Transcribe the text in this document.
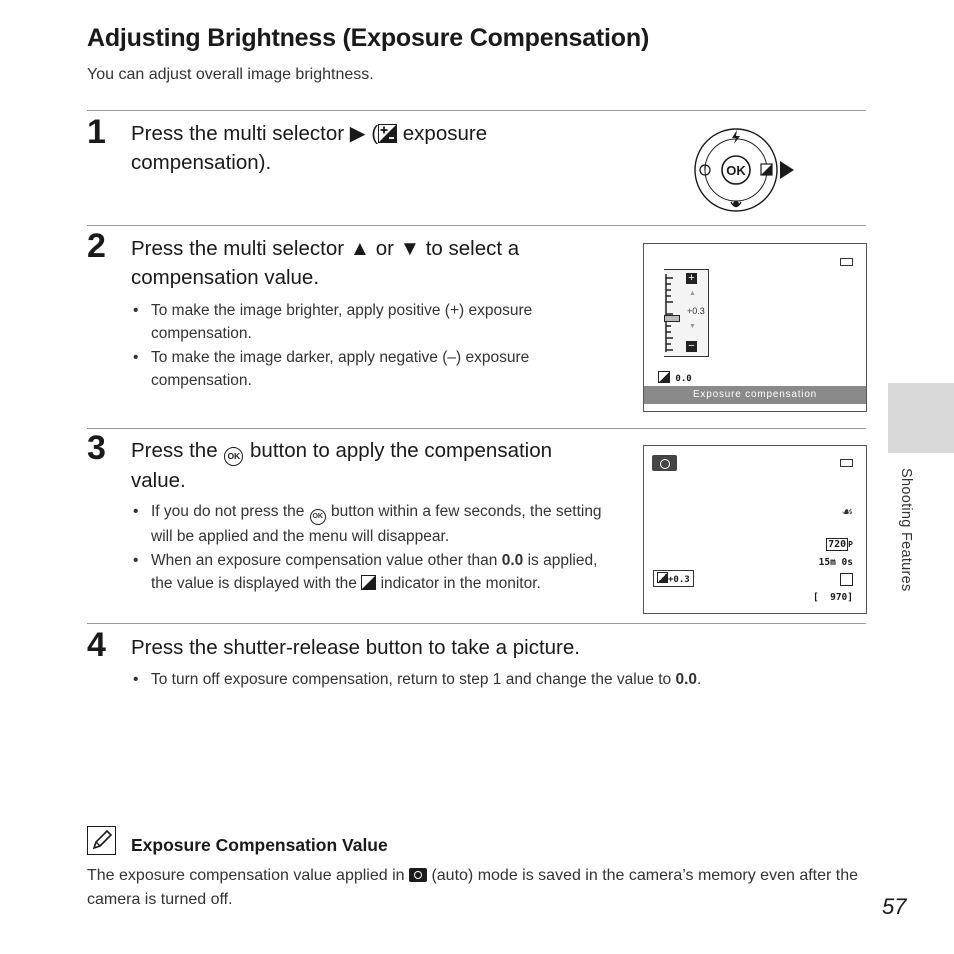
Adjusting Brightness (Exposure Compensation)
You can adjust overall image brightness.
1 Press the multi selector ▶ ( exposure compensation).	OK
2 Press the multi selector ▲ or ▼ to select a compensation value.
• To make the image brighter, apply positive (+) exposure compensation.
• To make the image darker, apply negative (–) exposure compensation.
+
−
▲
▼
+0.3
0.0
Exposure compensation
3 Press the OK button to apply the compensation value.
• If you do not press the OK button within a few seconds, the setting will be applied and the menu will disappear.
• When an exposure compensation value other than 0.0 is applied, the value is displayed with the indicator in the monitor.
☙
720 P
15m 0s
+0.3
[  970]
4 Press the shutter-release button to take a picture.
• To turn off exposure compensation, return to step 1 and change the value to 0.0.
Exposure Compensation Value
The exposure compensation value applied in (auto) mode is saved in the camera’s memory even after the camera is turned off.
Shooting Features
57
